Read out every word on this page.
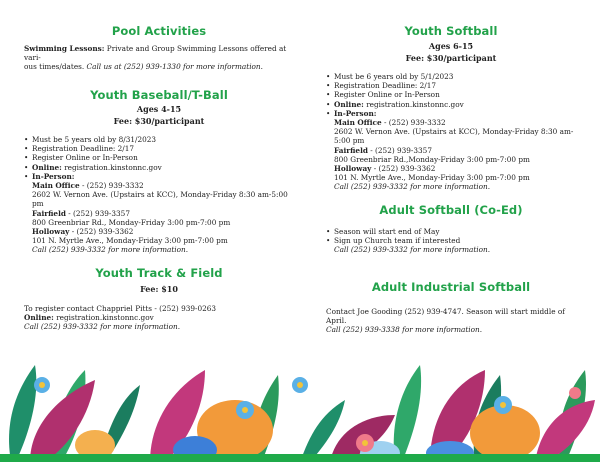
Pool Activities

Swimming Lessons: Private and Group Swimming Lessons offered at vari-
ous times/dates. Call us at (252) 939-1330 for more information.

Youth Baseball/T-Ball
Ages 4-15
Fee: $30/participant
• Must be 5 years old by 8/31/2023
• Registration Deadline: 2/17
• Register Online or In-Person
• Online: registration.kinstonnc.gov
• In-Person:
Main Office - (252) 939-3332
2602 W. Vernon Ave. (Upstairs at KCC), Monday-Friday 8:30 am-5:00 pm
Fairfield - (252) 939-3357
800 Greenbriar Rd., Monday-Friday 3:00 pm-7:00 pm
Holloway - (252) 939-3362
101 N. Myrtle Ave., Monday-Friday 3:00 pm-7:00 pm
Call (252) 939-3332 for more information.
Youth Track & Field
Fee: $10

To register contact Chappriel Pitts - (252) 939-0263

Online: registration.kinstonnc.gov

Call (252) 939-3332 for more information.

Youth Softball
Ages 6-15
Fee: $30/participant
• Must be 6 years old by 5/1/2023
• Registration Deadline: 2/17
• Register Online or In-Person
• Online: registration.kinstonnc.gov
• In-Person:
Main Office - (252) 939-3332
2602 W. Vernon Ave. (Upstairs at KCC), Monday-Friday 8:30 am-5:00 pm
Fairfield - (252) 939-3357
800 Greenbriar Rd.,Monday-Friday 3:00 pm-7:00 pm
Holloway - (252) 939-3362
101 N. Myrtle Ave., Monday-Friday 3:00 pm-7:00 pm
Call (252) 939-3332 for more information.
Adult Softball (Co-Ed)
• Season will start end of May
• Sign up Church team if interested
Call (252) 939-3332 for more information.
Adult Industrial Softball

Contact Joe Gooding (252) 939-4747. Season will start middle of April.

Call (252) 939-3338 for more information.
